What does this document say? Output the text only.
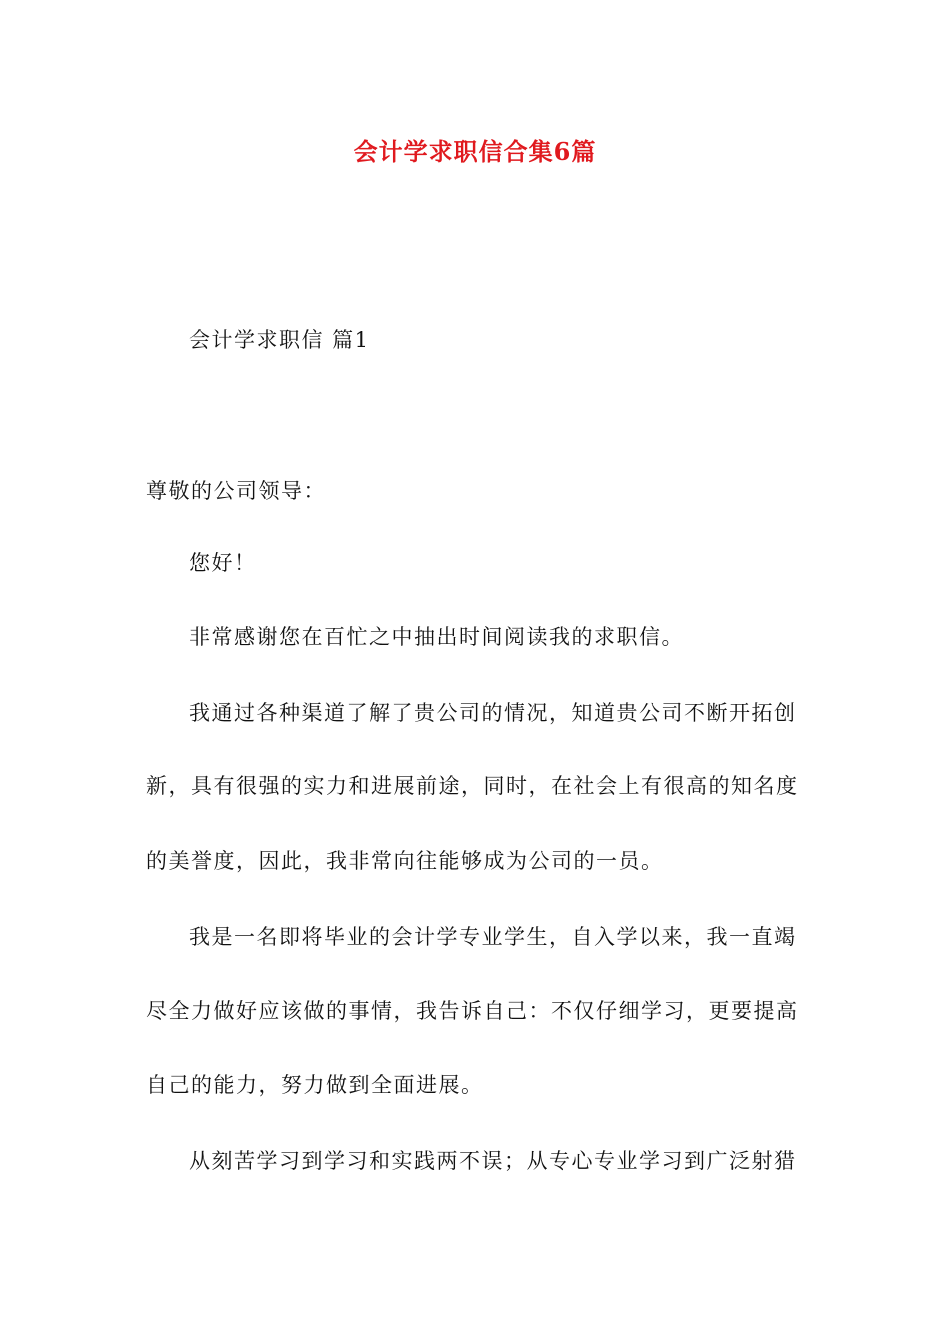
会计学求职信合集6篇
会计学求职信 篇1
尊敬的公司领导：
您好！
非常感谢您在百忙之中抽出时间阅读我的求职信。
我通过各种渠道了解了贵公司的情况，知道贵公司不断开拓创
新，具有很强的实力和进展前途，同时，在社会上有很高的知名度
的美誉度，因此，我非常向往能够成为公司的一员。
我是一名即将毕业的会计学专业学生，自入学以来，我一直竭
尽全力做好应该做的事情，我告诉自己：不仅仔细学习，更要提高
自己的能力，努力做到全面进展。
从刻苦学习到学习和实践两不误；从专心专业学习到广泛射猎
